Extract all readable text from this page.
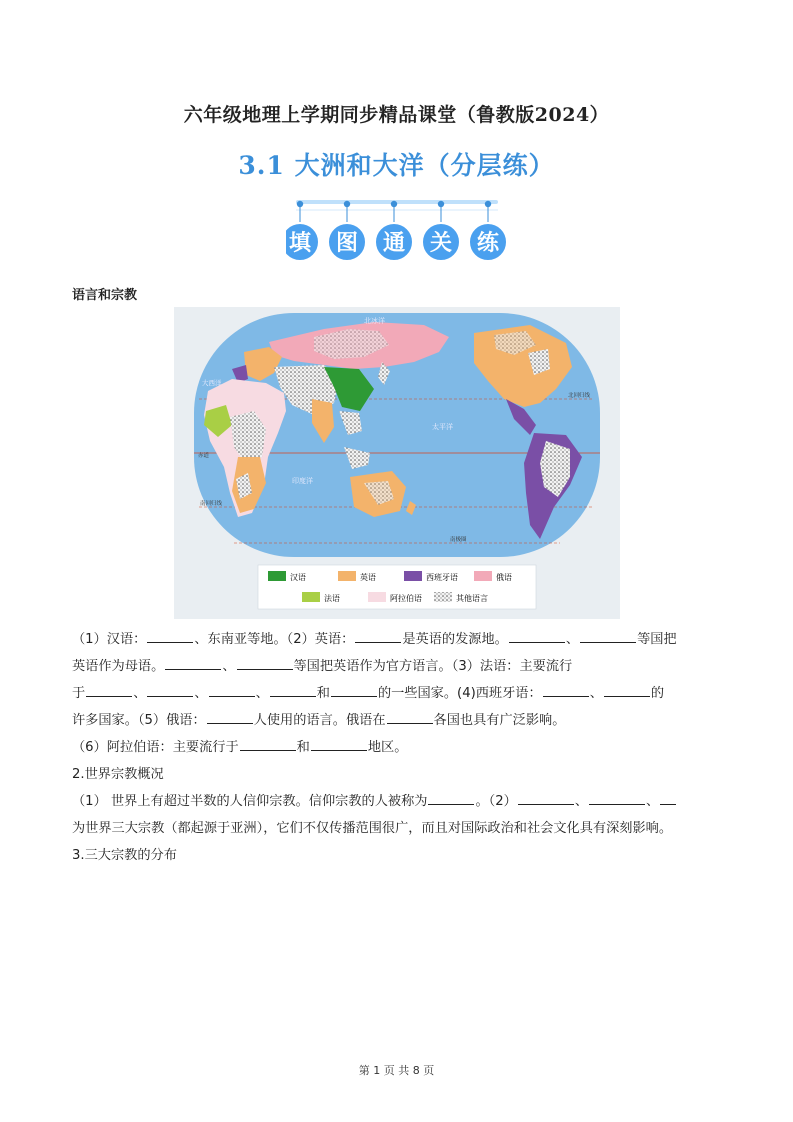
六年级地理上学期同步精品课堂（鲁教版2024）
3.1 大洲和大洋（分层练）
填 图 通 关 练
语言和宗教
北冰洋
太平洋
大西洋
印度洋
赤道
北回归线
南回归线
南极圈
汉语	英语	西班牙语	俄语
法语	阿拉伯语	其他语言
（1）汉语：	、东南亚等地。（2）英语：	是英语的发源地。	、	等国把
英语作为母语。	、	等国把英语作为官方语言。（3）法语：主要流行
于	、	、	、	和	的一些国家。(4)西班牙语：	、	的
许多国家。（5）俄语：	人使用的语言。俄语在	各国也具有广泛影响。
（6）阿拉伯语：主要流行于	和	地区。
2.世界宗教概况
（1） 世界上有超过半数的人信仰宗教。信仰宗教的人被称为	。（2）	、	、
为世界三大宗教（都起源于亚洲），它们不仅传播范围很广，而且对国际政治和社会文化具有深刻影响。
3.三大宗教的分布
第 1 页 共 8 页
